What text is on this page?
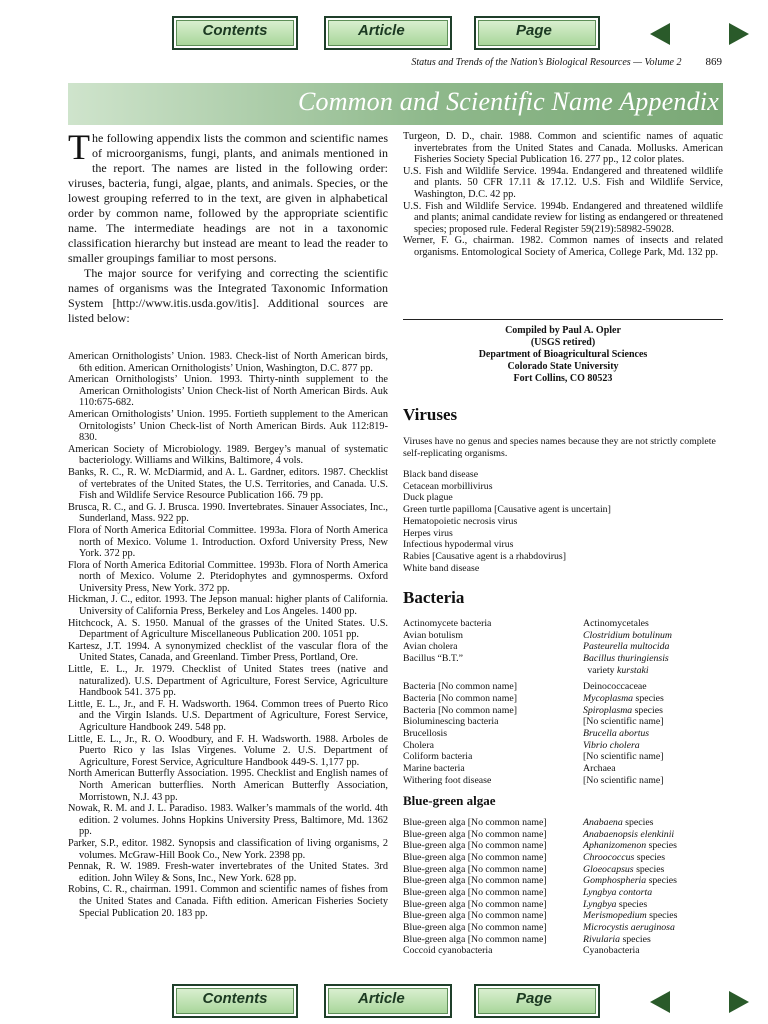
Contents	Article	Page
Status and Trends of the Nation’s Biological Resources — Volume 2 869
Common and Scientific Name Appendix

The following appendix lists the common and scientific names of microorganisms, fungi, plants, and animals mentioned in the report. The names are listed in the following order: viruses, bacteria, fungi, algae, plants, and animals. Species, or the lowest grouping referred to in the text, are given in alphabetical order by common name, followed by the appropriate scientific name. The intermediate headings are not in a taxonomic classification hierarchy but instead are meant to lead the reader to smaller groupings familiar to most persons.

The major source for verifying and correcting the scientific names of organisms was the Integrated Taxonomic Information System [http://www.itis.usda.gov/itis]. Additional sources are listed below:

American Ornithologists’ Union. 1983. Check-list of North American birds, 6th edition. American Ornithologists’ Union, Washington, D.C. 877 pp.

American Ornithologists’ Union. 1993. Thirty-ninth supplement to the American Ornithologists’ Union Check-list of North American Birds. Auk 110:675-682.

American Ornithologists’ Union. 1995. Fortieth supplement to the American Ornitologists’ Union Check-list of North American Birds. Auk 112:819-830.

American Society of Microbiology. 1989. Bergey’s manual of systematic bacteriology. Williams and Wilkins, Baltimore, 4 vols.

Banks, R. C., R. W. McDiarmid, and A. L. Gardner, editors. 1987. Checklist of vertebrates of the United States, the U.S. Territories, and Canada. U.S. Fish and Wildlife Service Resource Publication 166. 79 pp.

Brusca, R. C., and G. J. Brusca. 1990. Invertebrates. Sinauer Associates, Inc., Sunderland, Mass. 922 pp.

Flora of North America Editorial Committee. 1993a. Flora of North America north of Mexico. Volume 1. Introduction. Oxford University Press, New York. 372 pp.

Flora of North America Editorial Committee. 1993b. Flora of North America north of Mexico. Volume 2. Pteridophytes and gymnosperms. Oxford University Press, New York. 372 pp.

Hickman, J. C., editor. 1993. The Jepson manual: higher plants of California. University of California Press, Berkeley and Los Angeles. 1400 pp.

Hitchcock, A. S. 1950. Manual of the grasses of the United States. U.S. Department of Agriculture Miscellaneous Publication 200. 1051 pp.

Kartesz, J.T. 1994. A synonymized checklist of the vascular flora of the United States, Canada, and Greenland. Timber Press, Portland, Ore.

Little, E. L., Jr. 1979. Checklist of United States trees (native and naturalized). U.S. Department of Agriculture, Forest Service, Agriculture Handbook 541. 375 pp.

Little, E. L., Jr., and F. H. Wadsworth. 1964. Common trees of Puerto Rico and the Virgin Islands. U.S. Department of Agriculture, Forest Service, Agriculture Handbook 249. 548 pp.

Little, E. L., Jr., R. O. Woodbury, and F. H. Wadsworth. 1988. Arboles de Puerto Rico y las Islas Virgenes. Volume 2. U.S. Department of Agriculture, Forest Service, Agriculture Handbook 449-S. 1,177 pp.

North American Butterfly Association. 1995. Checklist and English names of North American butterflies. North American Butterfly Association, Morristown, N.J. 43 pp.

Nowak, R. M. and J. L. Paradiso. 1983. Walker’s mammals of the world. 4th edition. 2 volumes. Johns Hopkins University Press, Baltimore, Md. 1362 pp.

Parker, S.P., editor. 1982. Synopsis and classification of living organisms, 2 volumes. McGraw-Hill Book Co., New York. 2398 pp.

Pennak, R. W. 1989. Fresh-water invertebrates of the United States. 3rd edition. John Wiley & Sons, Inc., New York. 628 pp.

Robins, C. R., chairman. 1991. Common and scientific names of fishes from the United States and Canada. Fifth edition. American Fisheries Society Special Publication 20. 183 pp.

Turgeon, D. D., chair. 1988. Common and scientific names of aquatic invertebrates from the United States and Canada. Mollusks. American Fisheries Society Special Publication 16. 277 pp., 12 color plates.

U.S. Fish and Wildlife Service. 1994a. Endangered and threatened wildlife and plants. 50 CFR 17.11 & 17.12. U.S. Fish and Wildlife Service, Washington, D.C. 42 pp.

U.S. Fish and Wildlife Service. 1994b. Endangered and threatened wildlife and plants; animal candidate review for listing as endangered or threatened species; proposed rule. Federal Register 59(219):58982-59028.

Werner, F. G., chairman. 1982. Common names of insects and related organisms. Entomological Society of America, College Park, Md. 132 pp.

Compiled by Paul A. Opler
(USGS retired)
Department of Bioagricultural Sciences
Colorado State University
Fort Collins, CO 80523
Viruses
Viruses have no genus and species names because they are not strictly complete self-replicating organisms.
Black band disease
Cetacean morbillivirus
Duck plague
Green turtle papilloma [Causative agent is uncertain]
Hematopoietic necrosis virus
Herpes virus
Infectious hypodermal virus
Rabies [Causative agent is a rhabdovirus]
White band disease
Bacteria
Actinomycete bacteria	Actinomycetales
Avian botulism	Clostridium botulinum
Avian cholera	Pasteurella multocida
Bacillus “B.T.”	Bacillus thuringiensis
variety kurstaki
Bacteria [No common name]	Deinococcaceae
Bacteria [No common name]	Mycoplasma species
Bacteria [No common name]	Spiroplasma species
Bioluminescing bacteria	[No scientific name]
Brucellosis	Brucella abortus
Cholera	Vibrio cholera
Coliform bacteria	[No scientific name]
Marine bacteria	Archaea
Withering foot disease	[No scientific name]
Blue-green algae
Blue-green alga [No common name]	Anabaena species
Blue-green alga [No common name]	Anabaenopsis elenkinii
Blue-green alga [No common name]	Aphanizomenon species
Blue-green alga [No common name]	Chroococcus species
Blue-green alga [No common name]	Gloeocapsus species
Blue-green alga [No common name]	Gomphospheria species
Blue-green alga [No common name]	Lyngbya contorta
Blue-green alga [No common name]	Lyngbya species
Blue-green alga [No common name]	Merismopedium species
Blue-green alga [No common name]	Microcystis aeruginosa
Blue-green alga [No common name]	Rivularia species
Coccoid cyanobacteria	Cyanobacteria
Contents	Article	Page
